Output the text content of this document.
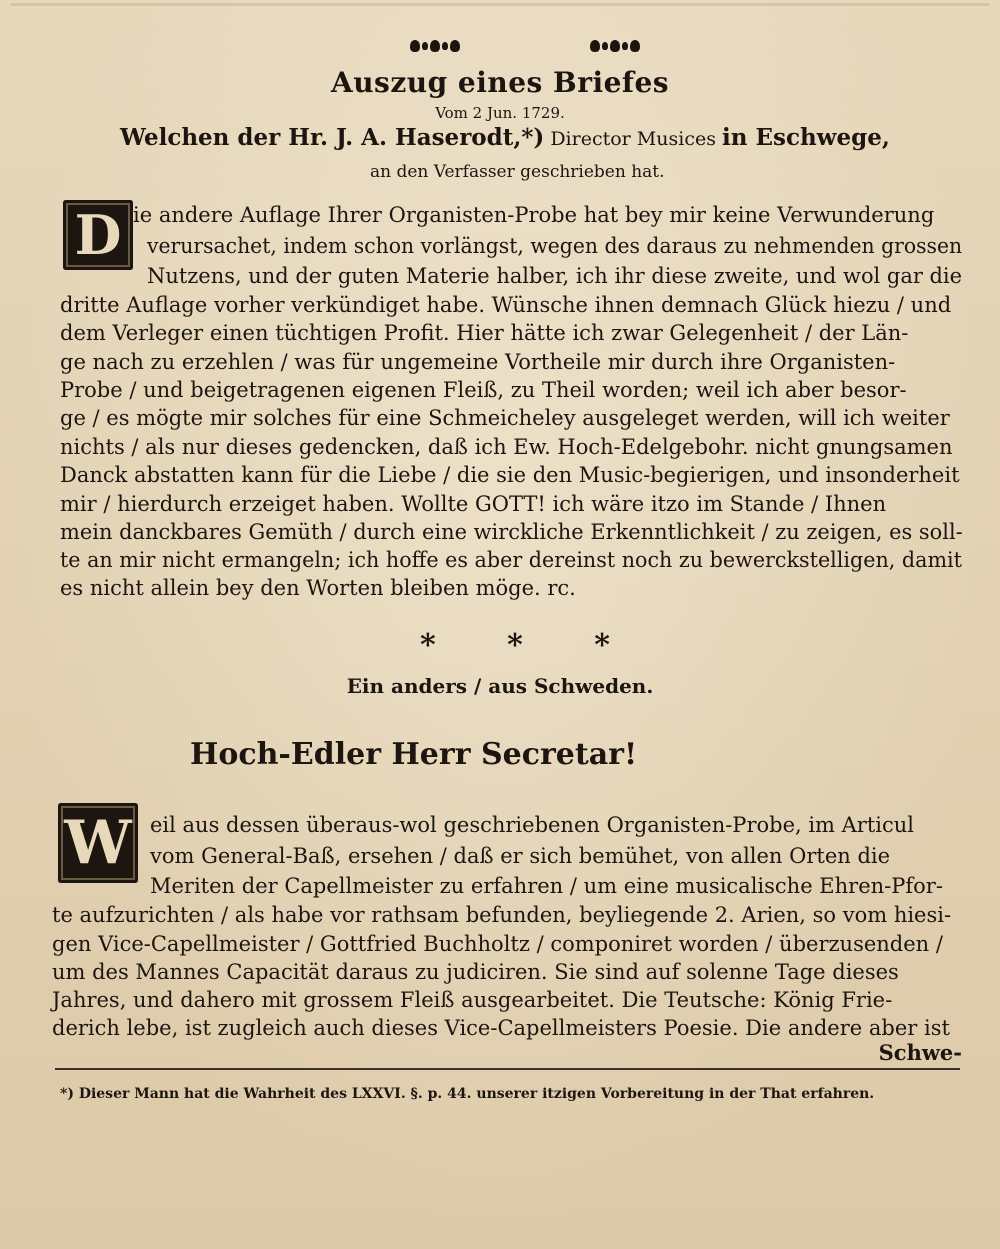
Auszug eines Briefes
Vom 2 Jun. 1729.
Welchen der Hr. J. A. Haserodt,*) Director Musices in Eschwege,
an den Verfasser geschrieben hat.
D ie andere Auflage Ihrer Organisten-Probe hat bey mir keine Verwunderung
verursachet, indem schon vorlängst, wegen des daraus zu nehmenden grossen
Nutzens, und der guten Materie halber, ich ihr diese zweite, und wol gar die
dritte Auflage vorher verkündiget habe. Wünsche ihnen demnach Glück hiezu / und
dem Verleger einen tüchtigen Profit. Hier hätte ich zwar Gelegenheit / der Län-
ge nach zu erzehlen / was für ungemeine Vortheile mir durch ihre Organisten-
Probe / und beigetragenen eigenen Fleiß, zu Theil worden; weil ich aber besor-
ge / es mögte mir solches für eine Schmeicheley ausgeleget werden, will ich weiter
nichts / als nur dieses gedencken, daß ich Ew. Hoch-Edelgebohr. nicht gnungsamen
Danck abstatten kann für die Liebe / die sie den Music-begierigen, und insonderheit
mir / hierdurch erzeiget haben. Wollte GOTT! ich wäre itzo im Stande / Ihnen
mein danckbares Gemüth / durch eine wirckliche Erkenntlichkeit / zu zeigen, es soll-
te an mir nicht ermangeln; ich hoffe es aber dereinst noch zu bewerckstelligen, damit
es nicht allein bey den Worten bleiben möge. rc.
* * *
Ein anders / aus Schweden.
Hoch-Edler Herr Secretar!
W eil aus dessen überaus-wol geschriebenen Organisten-Probe, im Articul
vom General-Baß, ersehen / daß er sich bemühet, von allen Orten die
Meriten der Capellmeister zu erfahren / um eine musicalische Ehren-Pfor-
te aufzurichten / als habe vor rathsam befunden, beyliegende 2. Arien, so vom hiesi-
gen Vice-Capellmeister / Gottfried Buchholtz / componiret worden / überzusenden /
um des Mannes Capacität daraus zu judiciren. Sie sind auf solenne Tage dieses
Jahres, und dahero mit grossem Fleiß ausgearbeitet. Die Teutsche: König Frie-
derich lebe, ist zugleich auch dieses Vice-Capellmeisters Poesie. Die andere aber ist
Schwe-
*) Dieser Mann hat die Wahrheit des LXXVI. §. p. 44. unserer itzigen Vorbereitung in der That erfahren.
